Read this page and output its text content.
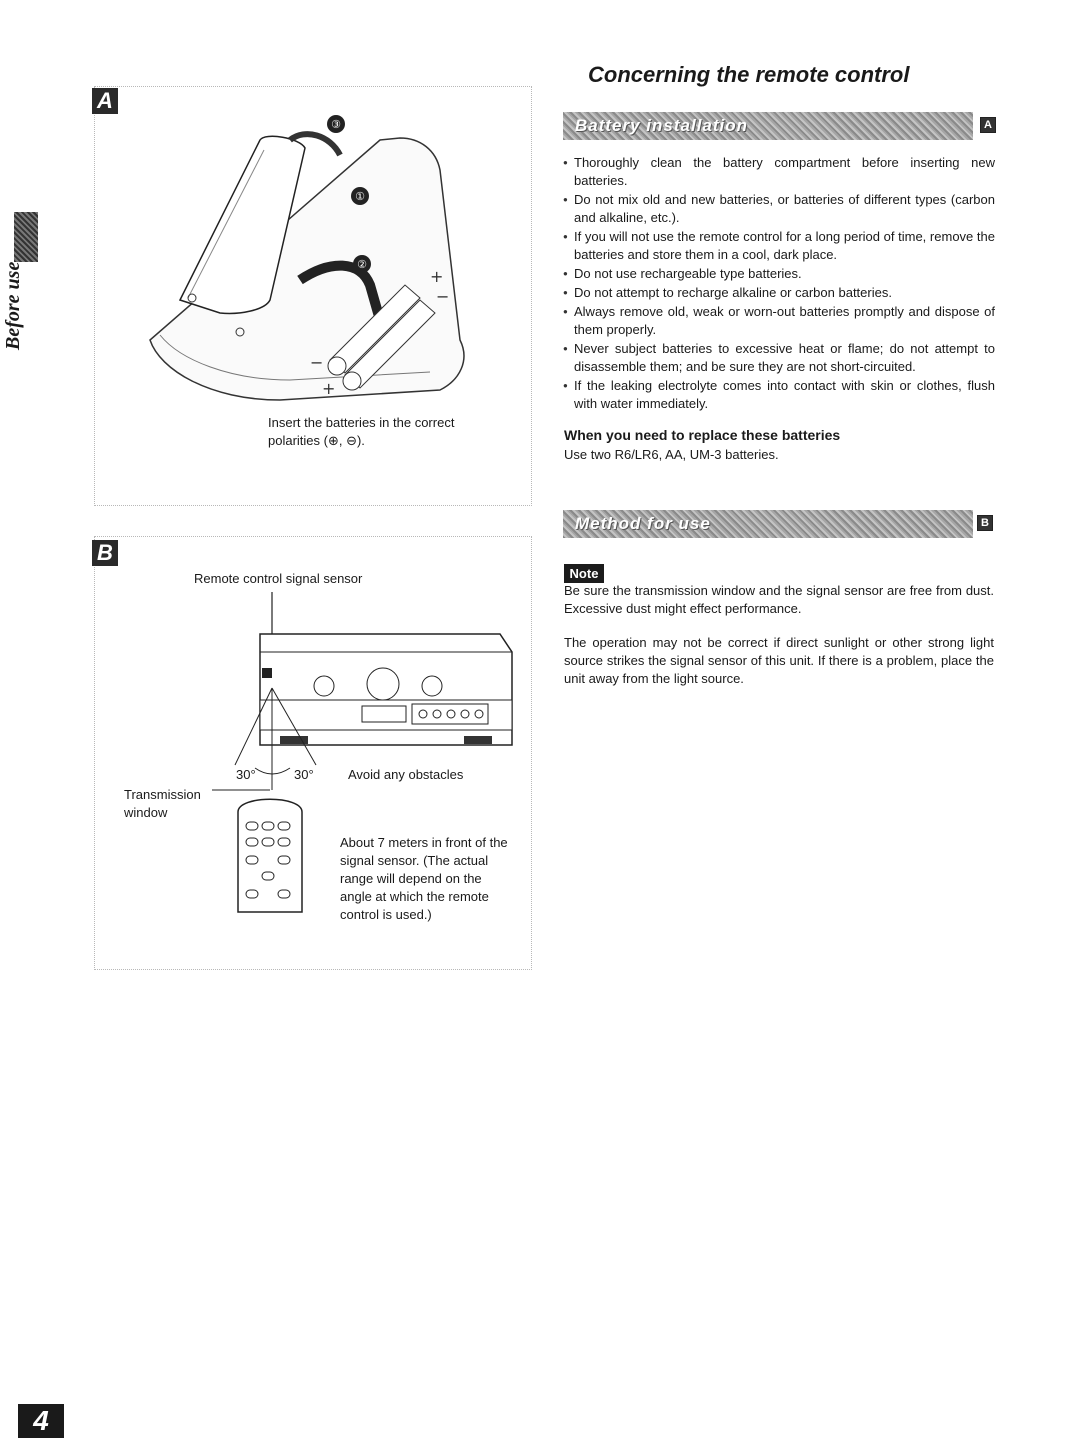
Before use
Concerning the remote control
A
③
①
②
+
−
−
+
Insert the batteries in the correct polarities (⊕, ⊖).
B
Remote control signal sensor
30°	30°	Avoid any obstacles
Transmission
window
About 7 meters in front of the signal sensor. (The actual range will depend on the angle at which the remote control is used.)
Battery installation	A
● Thoroughly clean the battery compartment before inserting new batteries.
● Do not mix old and new batteries, or batteries of different types (carbon and alkaline, etc.).
● If you will not use the remote control for a long period of time, remove the batteries and store them in a cool, dark place.
● Do not use rechargeable type batteries.
● Do not attempt to recharge alkaline or carbon batteries.
● Always remove old, weak or worn-out batteries promptly and dispose of them properly.
● Never subject batteries to excessive heat or flame; do not attempt to disassemble them; and be sure they are not short-circuited.
● If the leaking electrolyte comes into contact with skin or clothes, flush with water immediately.
When you need to replace these batteries
Use two R6/LR6, AA, UM-3 batteries.
Method for use	B
Note
Be sure the transmission window and the signal sensor are free from dust. Excessive dust might effect performance.
The operation may not be correct if direct sunlight or other strong light source strikes the signal sensor of this unit. If there is a problem, place the unit away from the light source.
4
